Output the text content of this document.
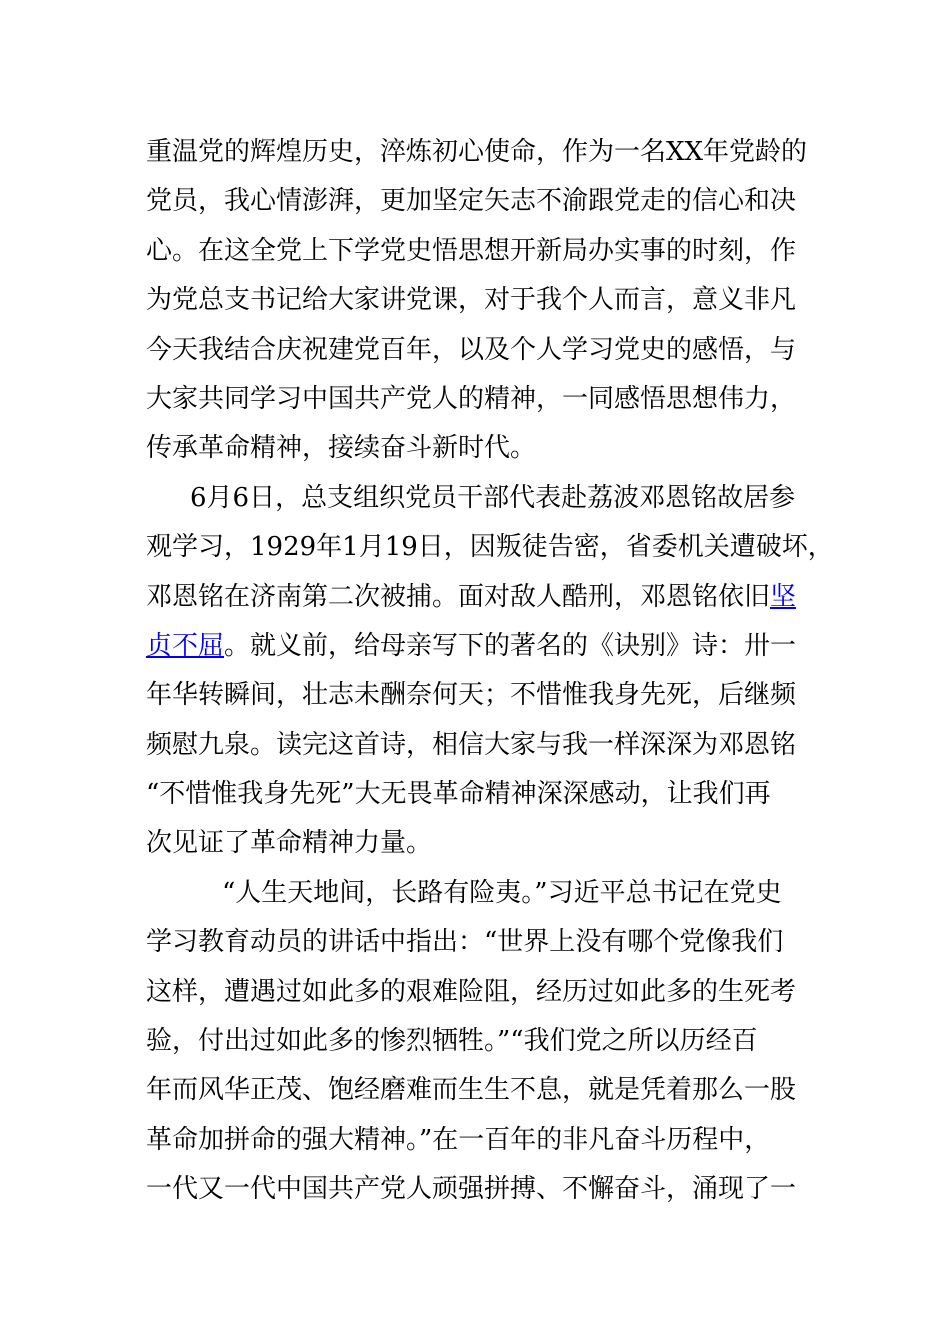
重温党的辉煌历史，淬炼初心使命，作为一名XX年党龄的
党员，我心情澎湃，更加坚定矢志不渝跟党走的信心和决
心。在这全党上下学党史悟思想开新局办实事的时刻，作
为党总支书记给大家讲党课，对于我个人而言，意义非凡
今天我结合庆祝建党百年，以及个人学习党史的感悟，与
大家共同学习中国共产党人的精神，一同感悟思想伟力，
传承革命精神，接续奋斗新时代。
6月6日，总支组织党员干部代表赴荔波邓恩铭故居参
观学习，1929年1月19日，因叛徒告密，省委机关遭破坏，
邓恩铭在济南第二次被捕。面对敌人酷刑，邓恩铭依旧坚
贞不屈。就义前，给母亲写下的著名的《诀别》诗：卅一
年华转瞬间，壮志未酬奈何天；不惜惟我身先死，后继频
频慰九泉。读完这首诗，相信大家与我一样深深为邓恩铭
“不惜惟我身先死”大无畏革命精神深深感动，让我们再
次见证了革命精神力量。
“人生天地间，长路有险夷。”习近平总书记在党史
学习教育动员的讲话中指出：“世界上没有哪个党像我们
这样，遭遇过如此多的艰难险阻，经历过如此多的生死考
验，付出过如此多的惨烈牺牲。”“我们党之所以历经百
年而风华正茂、饱经磨难而生生不息，就是凭着那么一股
革命加拼命的强大精神。”在一百年的非凡奋斗历程中，
一代又一代中国共产党人顽强拼搏、不懈奋斗，涌现了一
